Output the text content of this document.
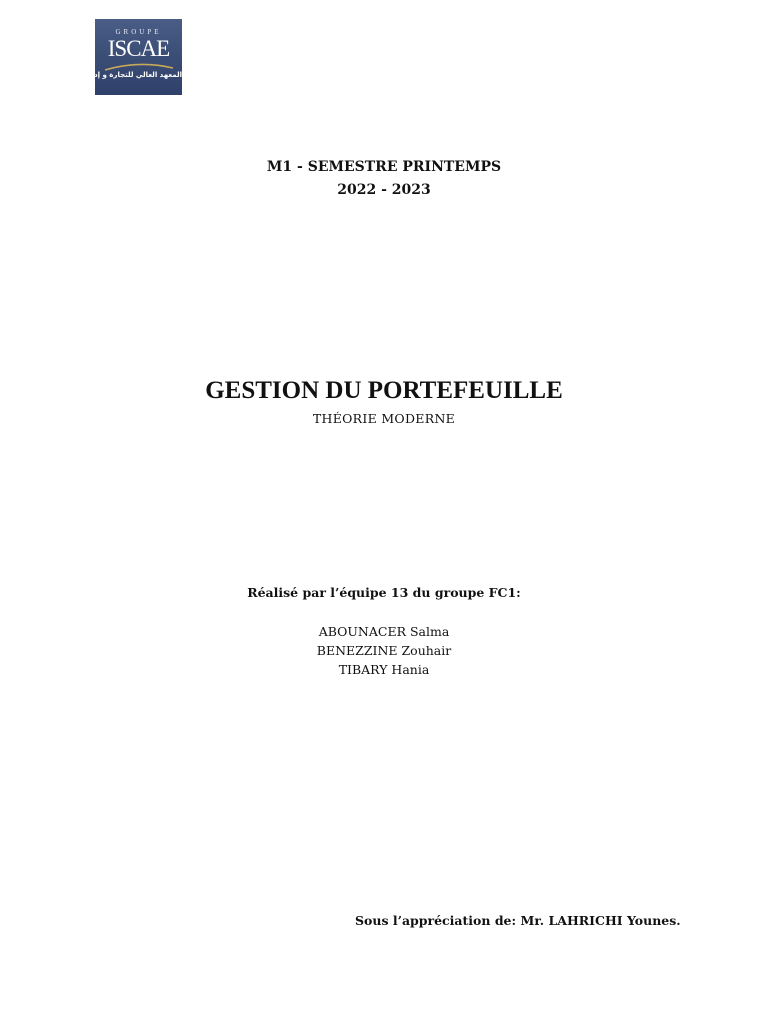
GROUPE
ISCAE
المعهد العالي للتجارة و إدارة المقاولات
M1 - SEMESTRE PRINTEMPS
2022 - 2023
GESTION DU PORTEFEUILLE
THÉORIE MODERNE
Réalisé par l’équipe 13 du groupe FC1:
ABOUNACER Salma
BENEZZINE Zouhair
TIBARY Hania
Sous l’appréciation de: Mr. LAHRICHI Younes.
